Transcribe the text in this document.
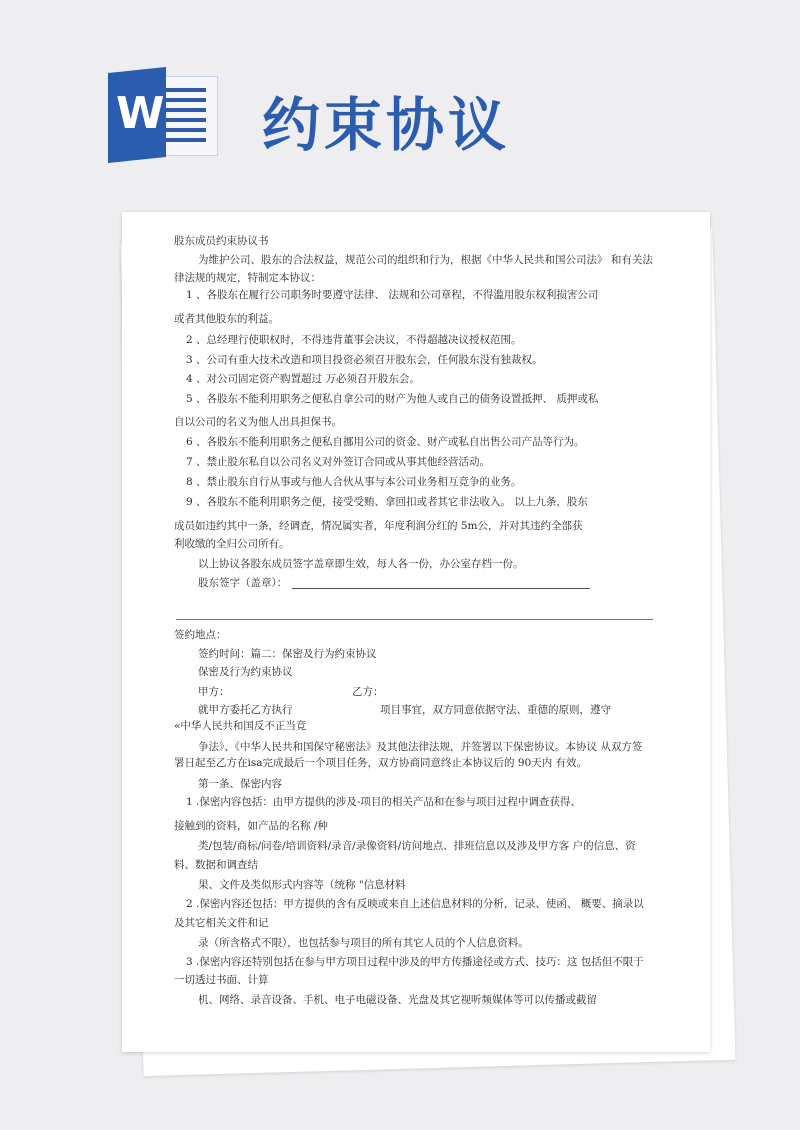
W 约束协议
股东成员约束协议书
为维护公司、股东的合法权益，规范公司的组织和行为，根据《中华人民共和国公司法》 和有关法
律法规的规定，特制定本协议：
1 、各股东在履行公司职务时要遵守法律、 法规和公司章程，不得滥用股东权利损害公司
或者其他股东的利益。
2 、总经理行使职权时，不得违背董事会决议，不得超越决议授权范围。
3 、公司有重大技术改造和项目投资必须召开股东会，任何股东没有独裁权。
4 、对公司固定资产购置超过 万必须召开股东会。
5 、各股东不能利用职务之便私自拿公司的财产为他人或自己的债务设置抵押、 质押或私
自以公司的名义为他人出具担保书。
6 、各股东不能利用职务之便私自挪用公司的资金、财产或私自出售公司产品等行为。
7 、禁止股东私自以公司名义对外签订合同或从事其他经营活动。
8 、禁止股东自行从事或与他人合伙从事与本公司业务相互竞争的业务。
9 、各股东不能利用职务之便，接受受贿、拿回扣或者其它非法收入。 以上九条，股东
成员如违约其中一条，经调查，情况属实者，年度利润分红的 5m公，并对其违约全部获
利收缴的全归公司所有。
以上协议各股东成员签字盖章即生效，每人各一份，办公室存档一份。
股东签字（盖章）：
签约地点：
签约时间：篇二：保密及行为约束协议
保密及行为约束协议
甲方：	乙方：
就甲方委托乙方执行	项目事宜，双方同意依据守法、重德的原则，遵守
«中华人民共和国反不正当竞
争法》、《中华人民共和国保守秘密法》及其他法律法规，并签署以下保密协议。本协议 从双方签
署日起至乙方在isa完成最后一个项目任务，双方协商同意终止本协议后的 90天内 有效。
第一条、保密内容
1 .保密内容包括：由甲方提供的涉及-项目的相关产品和在参与项目过程中调查获得、
接触到的资料，如产品的名称 /种
类/包装/商标/问卷/培训资料/录音/录像资料/访问地点、排班信息以及涉及甲方客 户的信息、资
料、数据和调查结
果、文件及类似形式内容等（统称 "信息材料
2 .保密内容还包括：甲方提供的含有反映或来自上述信息材料的分析，记录、使函、 概要、摘录以
及其它相关文件和记
录（所含格式不限），也包括参与项目的所有其它人员的个人信息资料。
3 .保密内容还特别包括在参与甲方项目过程中涉及的甲方传播途径或方式、技巧：这 包括但不限于
一切透过书面、计算
机、网络、录音设备、手机、电子电磁设备、光盘及其它视听频媒体等可以传播或截留
